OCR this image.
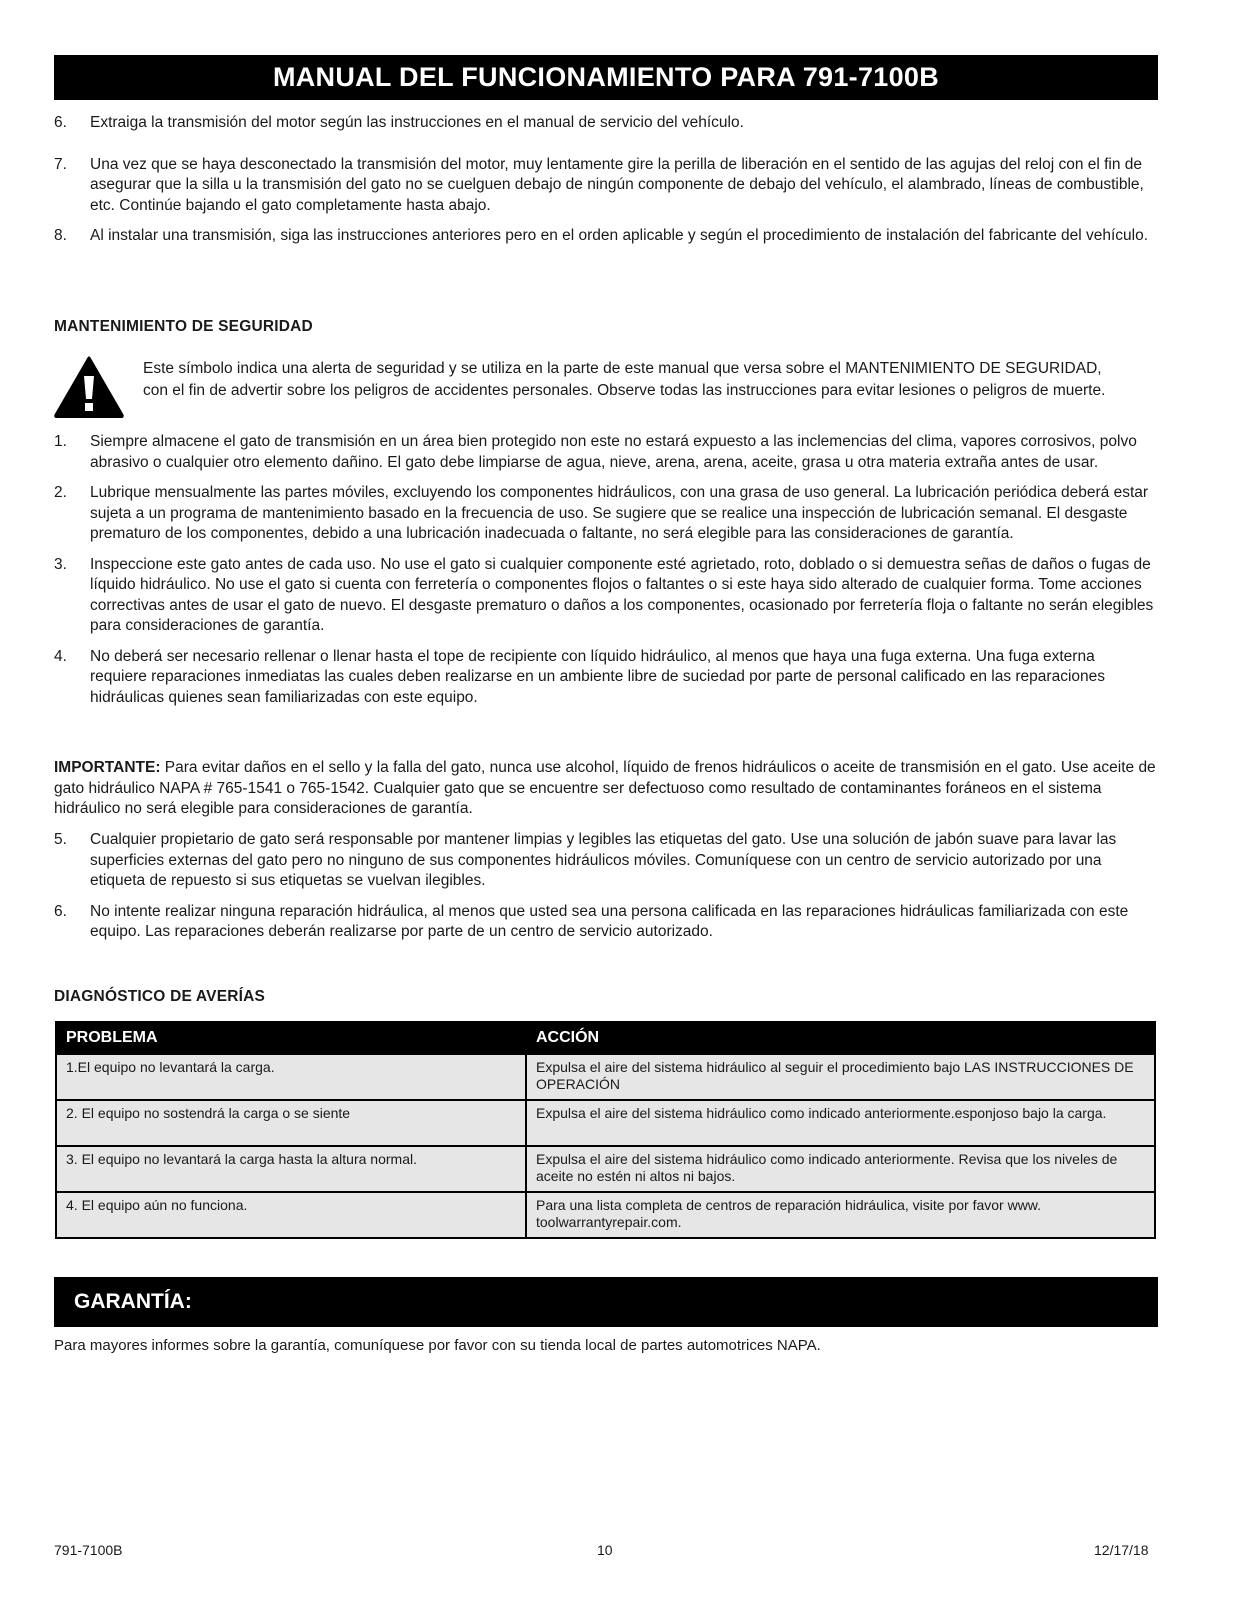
MANUAL DEL FUNCIONAMIENTO PARA 791-7100B
6. Extraiga la transmisión del motor según las instrucciones en el manual de servicio del vehículo.
7. Una vez que se haya desconectado la transmisión del motor, muy lentamente gire la perilla de liberación en el sentido de las agujas del reloj con el fin de asegurar que la silla u la transmisión del gato no se cuelguen debajo de ningún componente de debajo del vehículo, el alambrado, líneas de combustible, etc. Continúe bajando el gato completamente hasta abajo.
8. Al instalar una transmisión, siga las instrucciones anteriores pero en el orden aplicable y según el procedimiento de instalación del fabricante del vehículo.
MANTENIMIENTO DE SEGURIDAD
Este símbolo indica una alerta de seguridad y se utiliza en la parte de este manual que versa sobre el MANTENIMIENTO DE SEGURIDAD, con el fin de advertir sobre los peligros de accidentes personales. Observe todas las instrucciones para evitar lesiones o peligros de muerte.
1. Siempre almacene el gato de transmisión en un área bien protegido non este no estará expuesto a las inclemencias del clima, vapores corrosivos, polvo abrasivo o cualquier otro elemento dañino. El gato debe limpiarse de agua, nieve, arena, arena, aceite, grasa u otra materia extraña antes de usar.
2. Lubrique mensualmente las partes móviles, excluyendo los componentes hidráulicos, con una grasa de uso general. La lubricación periódica deberá estar sujeta a un programa de mantenimiento basado en la frecuencia de uso. Se sugiere que se realice una inspección de lubricación semanal. El desgaste prematuro de los componentes, debido a una lubricación inadecuada o faltante, no será elegible para las consideraciones de garantía.
3. Inspeccione este gato antes de cada uso. No use el gato si cualquier componente esté agrietado, roto, doblado o si demuestra señas de daños o fugas de líquido hidráulico. No use el gato si cuenta con ferretería o componentes flojos o faltantes o si este haya sido alterado de cualquier forma. Tome acciones correctivas antes de usar el gato de nuevo. El desgaste prematuro o daños a los componentes, ocasionado por ferretería floja o faltante no serán elegibles para consideraciones de garantía.
4. No deberá ser necesario rellenar o llenar hasta el tope de recipiente con líquido hidráulico, al menos que haya una fuga externa. Una fuga externa requiere reparaciones inmediatas las cuales deben realizarse en un ambiente libre de suciedad por parte de personal calificado en las reparaciones hidráulicas quienes sean familiarizadas con este equipo.
IMPORTANTE: Para evitar daños en el sello y la falla del gato, nunca use alcohol, líquido de frenos hidráulicos o aceite de transmisión en el gato. Use aceite de gato hidráulico NAPA # 765-1541 o 765-1542. Cualquier gato que se encuentre ser defectuoso como resultado de contaminantes foráneos en el sistema hidráulico no será elegible para consideraciones de garantía.
5. Cualquier propietario de gato será responsable por mantener limpias y legibles las etiquetas del gato. Use una solución de jabón suave para lavar las superficies externas del gato pero no ninguno de sus componentes hidráulicos móviles. Comuníquese con un centro de servicio autorizado por una etiqueta de repuesto si sus etiquetas se vuelvan ilegibles.
6. No intente realizar ninguna reparación hidráulica, al menos que usted sea una persona calificada en las reparaciones hidráulicas familiarizada con este equipo. Las reparaciones deberán realizarse por parte de un centro de servicio autorizado.
DIAGNÓSTICO DE AVERÍAS
PROBLEMA	ACCIÓN
1.El equipo no levantará la carga.	Expulsa el aire del sistema hidráulico al seguir el procedimiento bajo LAS INSTRUCCIONES DE OPERACIÓN
2. El equipo no sostendrá la carga o se siente	Expulsa el aire del sistema hidráulico como indicado anteriormente.esponjoso bajo la carga.
3. El equipo no levantará la carga hasta la altura normal.	Expulsa el aire del sistema hidráulico como indicado anteriormente. Revisa que los niveles de aceite no estén ni altos ni bajos.
4. El equipo aún no funciona.	Para una lista completa de centros de reparación hidráulica, visite por favor www. toolwarrantyrepair.com.
GARANTÍA:
Para mayores informes sobre la garantía, comuníquese por favor con su tienda local de partes automotrices NAPA.
791-7100B	10	12/17/18
